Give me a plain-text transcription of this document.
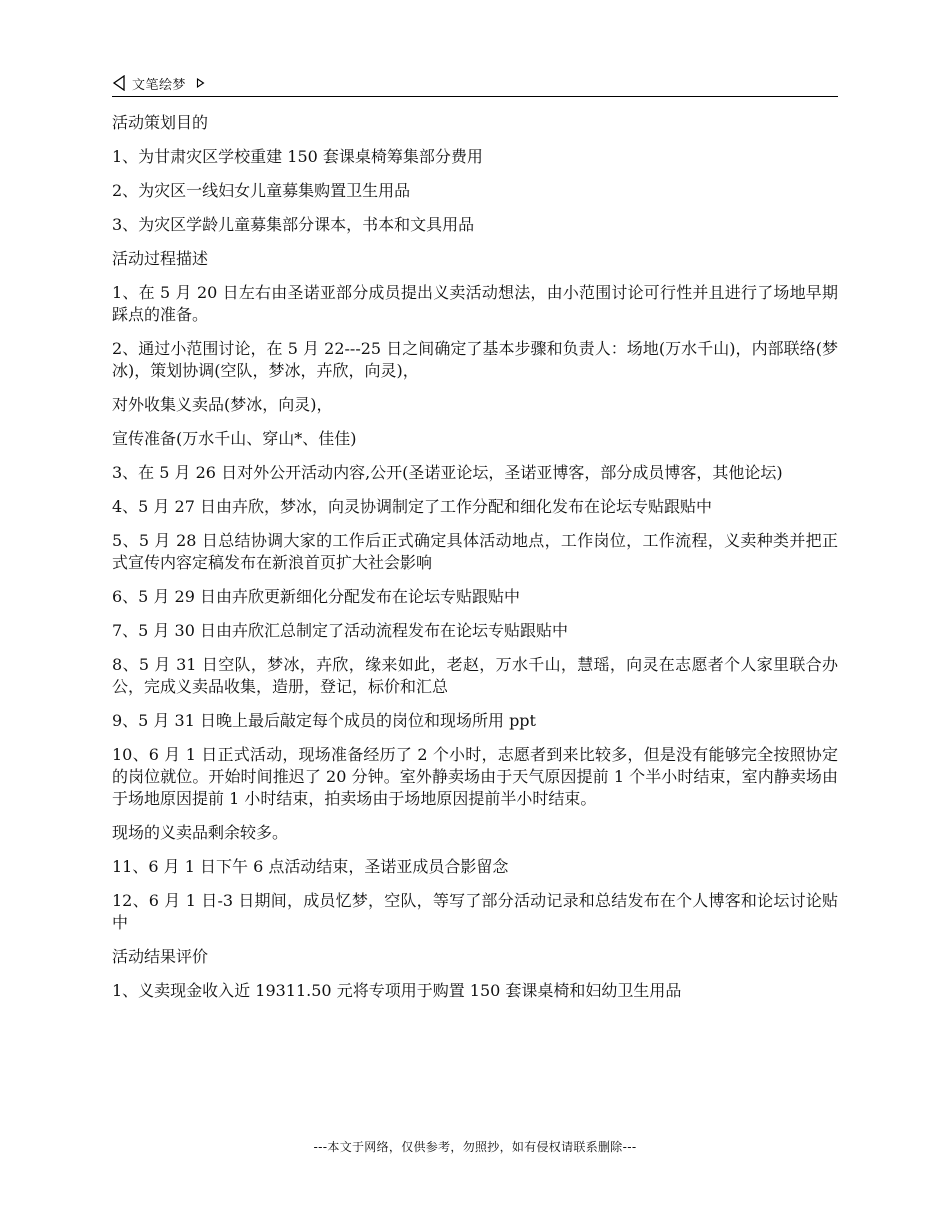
文笔绘梦

活动策划目的

1、为甘肃灾区学校重建 150 套课桌椅筹集部分费用

2、为灾区一线妇女儿童募集购置卫生用品

3、为灾区学龄儿童募集部分课本，书本和文具用品

活动过程描述

1、在 5 月 20 日左右由圣诺亚部分成员提出义卖活动想法，由小范围讨论可行性并且进行了场地早期踩点的准备。

2、通过小范围讨论，在 5 月 22---25 日之间确定了基本步骤和负责人：场地(万水千山)，内部联络(梦冰)，策划协调(空队，梦冰，卉欣，向灵)，

对外收集义卖品(梦冰，向灵)，

宣传准备(万水千山、穿山*、佳佳)

3、在 5 月 26 日对外公开活动内容,公开(圣诺亚论坛，圣诺亚博客，部分成员博客，其他论坛)

4、5 月 27 日由卉欣，梦冰，向灵协调制定了工作分配和细化发布在论坛专贴跟贴中

5、5 月 28 日总结协调大家的工作后正式确定具体活动地点，工作岗位，工作流程，义卖种类并把正式宣传内容定稿发布在新浪首页扩大社会影响

6、5 月 29 日由卉欣更新细化分配发布在论坛专贴跟贴中

7、5 月 30 日由卉欣汇总制定了活动流程发布在论坛专贴跟贴中

8、5 月 31 日空队，梦冰，卉欣，缘来如此，老赵，万水千山，慧瑶，向灵在志愿者个人家里联合办公，完成义卖品收集，造册，登记，标价和汇总

9、5 月 31 日晚上最后敲定每个成员的岗位和现场所用 ppt

10、6 月 1 日正式活动，现场准备经历了 2 个小时，志愿者到来比较多，但是没有能够完全按照协定的岗位就位。开始时间推迟了 20 分钟。室外静卖场由于天气原因提前 1 个半小时结束，室内静卖场由于场地原因提前 1 小时结束，拍卖场由于场地原因提前半小时结束。

现场的义卖品剩余较多。

11、6 月 1 日下午 6 点活动结束，圣诺亚成员合影留念

12、6 月 1 日-3 日期间，成员忆梦，空队，等写了部分活动记录和总结发布在个人博客和论坛讨论贴中

活动结果评价

1、义卖现金收入近 19311.50 元将专项用于购置 150 套课桌椅和妇幼卫生用品

---本文于网络，仅供参考，勿照抄，如有侵权请联系删除---
